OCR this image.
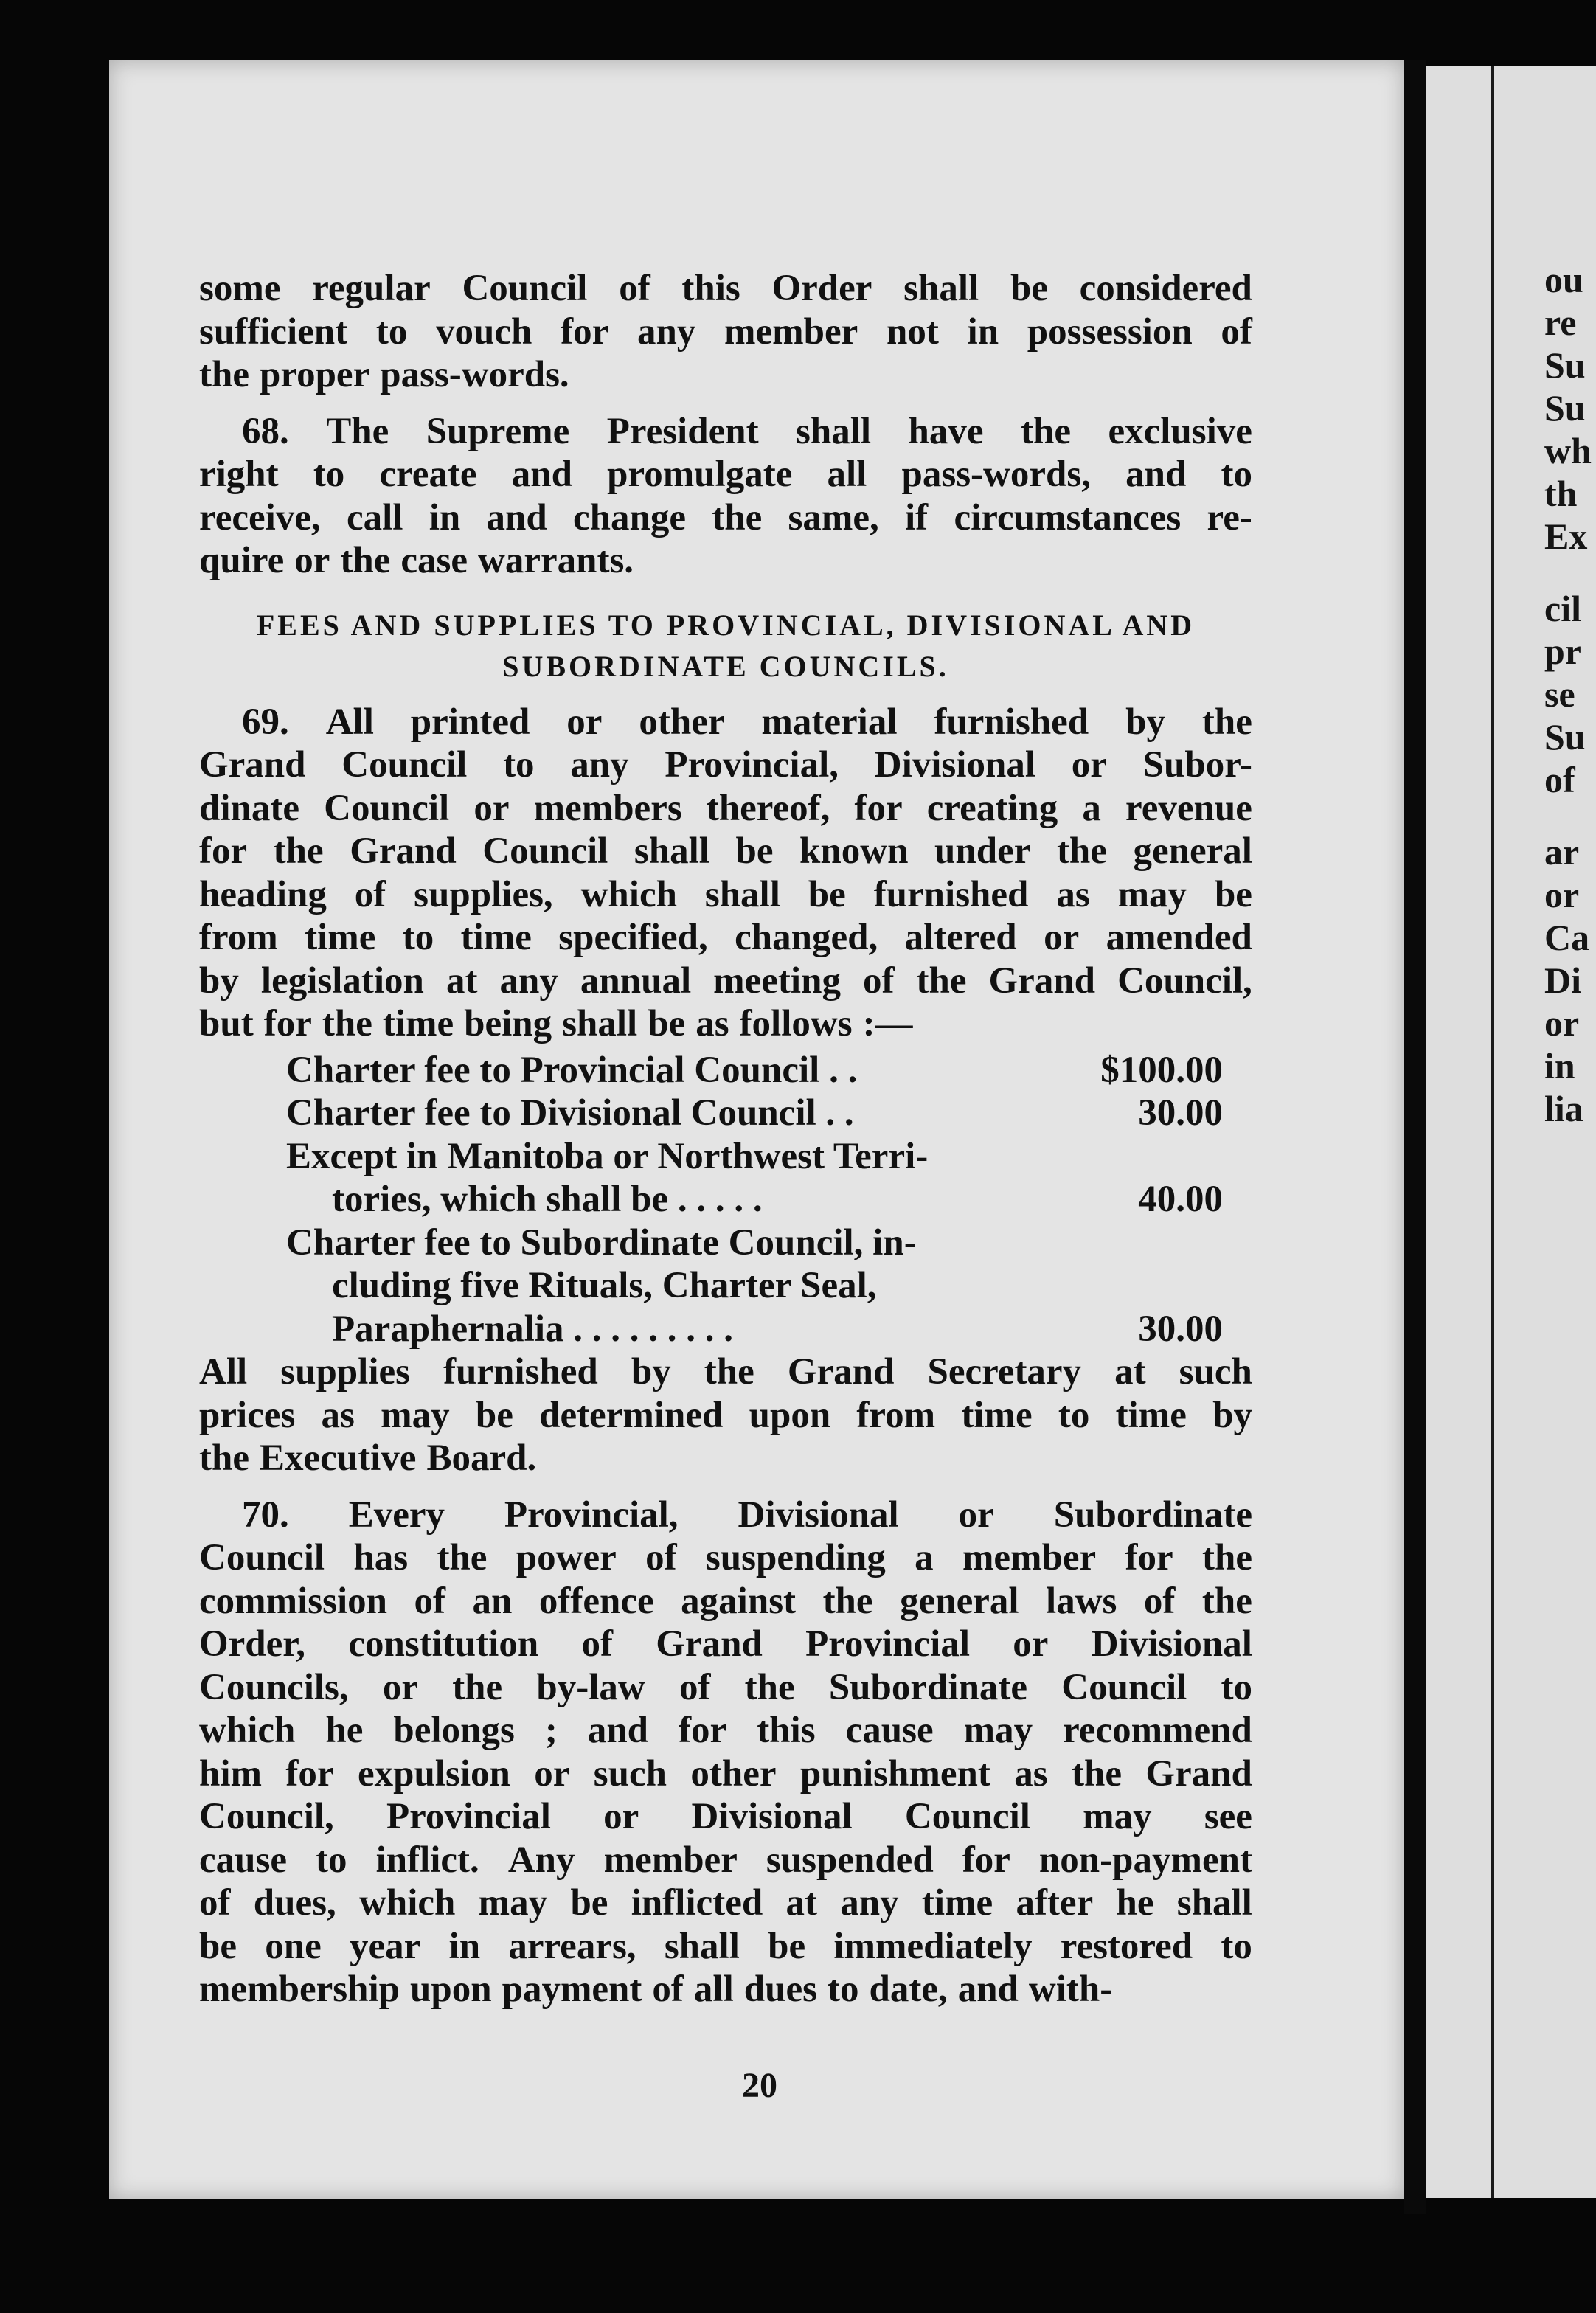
ou
re
Su
Su
wh
th
Ex
cil
pr
se
Su
of
ar
or
Ca
Di
or
in
lia
some regular Council of this Order shall be considered
sufficient to vouch for any member not in possession of
the proper pass-words.
68. The Supreme President shall have the exclusive
right to create and promulgate all pass-words, and to
receive, call in and change the same, if circumstances re-
quire or the case warrants.
FEES AND SUPPLIES TO PROVINCIAL, DIVISIONAL AND
SUBORDINATE COUNCILS.
69. All printed or other material furnished by the
Grand Council to any Provincial, Divisional or Subor-
dinate Council or members thereof, for creating a revenue
for the Grand Council shall be known under the general
heading of supplies, which shall be furnished as may be
from time to time specified, changed, altered or amended
by legislation at any annual meeting of the Grand Council,
but for the time being shall be as follows :—
Charter fee to Provincial Council . .	$100.00
Charter fee to Divisional Council . .	30.00
Except in Manitoba or Northwest Terri-
tories, which shall be . . . . .	40.00
Charter fee to Subordinate Council, in-
cluding five Rituals, Charter Seal,
Paraphernalia . . . . . . . . .	30.00
All supplies furnished by the Grand Secretary at such
prices as may be determined upon from time to time by
the Executive Board.
70. Every Provincial, Divisional or Subordinate
Council has the power of suspending a member for the
commission of an offence against the general laws of the
Order, constitution of Grand Provincial or Divisional
Councils, or the by-law of the Subordinate Council to
which he belongs ; and for this cause may recommend
him for expulsion or such other punishment as the Grand
Council, Provincial or Divisional Council may see
cause to inflict. Any member suspended for non-payment
of dues, which may be inflicted at any time after he shall
be one year in arrears, shall be immediately restored to
membership upon payment of all dues to date, and with-
20
